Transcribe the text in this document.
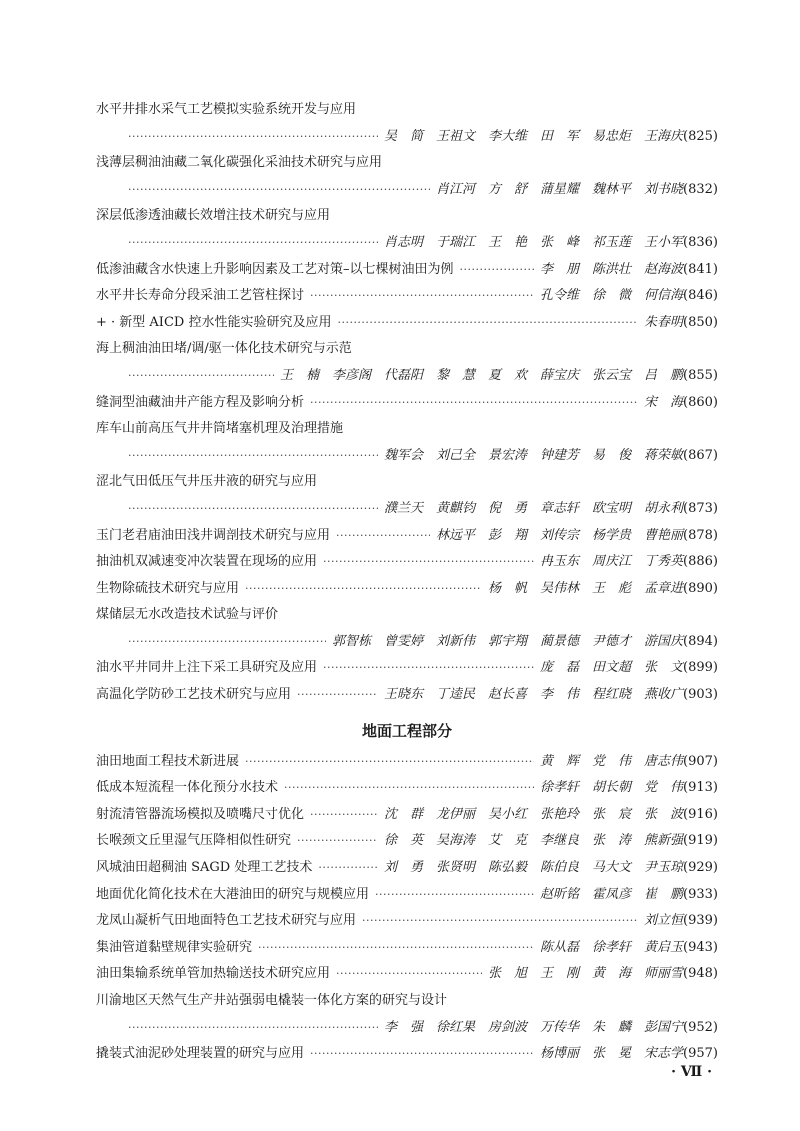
水平井排水采气工艺模拟实验系统开发与应用
·····
吴　简　王祖文　李大维　田　军　易忠炬　王海庆 (825)
浅薄层稠油油藏二氧化碳强化采油技术研究与应用
·····
肖江河　方　舒　蒲星耀　魏林平　刘书晓 (832)
深层低渗透油藏长效增注技术研究与应用
·····
肖志明　于瑞江　王　艳　张　峰　祁玉莲　王小军 (836)
低渗油藏含水快速上升影响因素及工艺对策–以七棵树油田为例 ·····	李　朋　陈洪壮　赵海波 (841)
水平井长寿命分段采油工艺管柱探讨 ·····	孔令维　徐　微　何信海 (846)
+ · 新型 AICD 控水性能实验研究及应用 ·····	朱春明 (850)
海上稠油油田堵/调/驱一体化技术研究与示范
·····
王　楠　李彦阁　代磊阳　黎　慧　夏　欢　薛宝庆　张云宝　吕　鹏 (855)
缝洞型油藏油井产能方程及影响分析 ·····	宋　海 (860)
库车山前高压气井井筒堵塞机理及治理措施
·····
魏军会　刘己全　景宏涛　钟建芳　易　俊　蒋荣敏 (867)
涩北气田低压气井压井液的研究与应用
·····
濮兰天　黄麒钧　倪　勇　章志轩　欧宝明　胡永利 (873)
玉门老君庙油田浅井调剖技术研究与应用 ·····	林远平　彭　翔　刘传宗　杨学贵　曹艳丽 (878)
抽油机双减速变冲次装置在现场的应用 ·····	冉玉东　周庆江　丁秀英 (886)
生物除硫技术研究与应用 ·····	杨　帆　吴伟林　王　彪　孟章进 (890)
煤储层无水改造技术试验与评价
·····
郭智栋　曾雯婷　刘新伟　郭宇翔　蔺景德　尹德才　游国庆 (894)
油水平井同井上注下采工具研究及应用 ·····	庞　磊　田文超　张　文 (899)
高温化学防砂工艺技术研究与应用 ·····	王晓东　丁逵民　赵长喜　李　伟　程红晓　燕收广 (903)
地面工程部分
油田地面工程技术新进展 ·····	黄　辉　党　伟　唐志伟 (907)
低成本短流程一体化预分水技术 ·····	徐孝轩　胡长朝　党　伟 (913)
射流清管器流场模拟及喷嘴尺寸优化 ·····	沈　群　龙伊丽　吴小红　张艳玲　张　宸　张　波 (916)
长喉颈文丘里湿气压降相似性研究 ·····	徐　英　吴海涛　艾　克　李继良　张　涛　熊新强 (919)
风城油田超稠油 SAGD 处理工艺技术 ·····	刘　勇　张贤明　陈弘毅　陈伯良　马大文　尹玉琼 (929)
地面优化简化技术在大港油田的研究与规模应用 ·····	赵昕铭　霍凤彦　崔　鹏 (933)
龙凤山凝析气田地面特色工艺技术研究与应用 ·····	刘立恒 (939)
集油管道黏壁规律实验研究 ·····	陈从磊　徐孝轩　黄启玉 (943)
油田集输系统单管加热输送技术研究应用 ·····	张　旭　王　刚　黄　海　师丽雪 (948)
川渝地区天然气生产井站强弱电橇装一体化方案的研究与设计
·····
李　强　徐红果　房剑波　万传华　朱　麟　彭国宁 (952)
撬装式油泥砂处理装置的研究与应用 ·····	杨博丽　张　冕　宋志学 (957)
· Ⅶ ·
